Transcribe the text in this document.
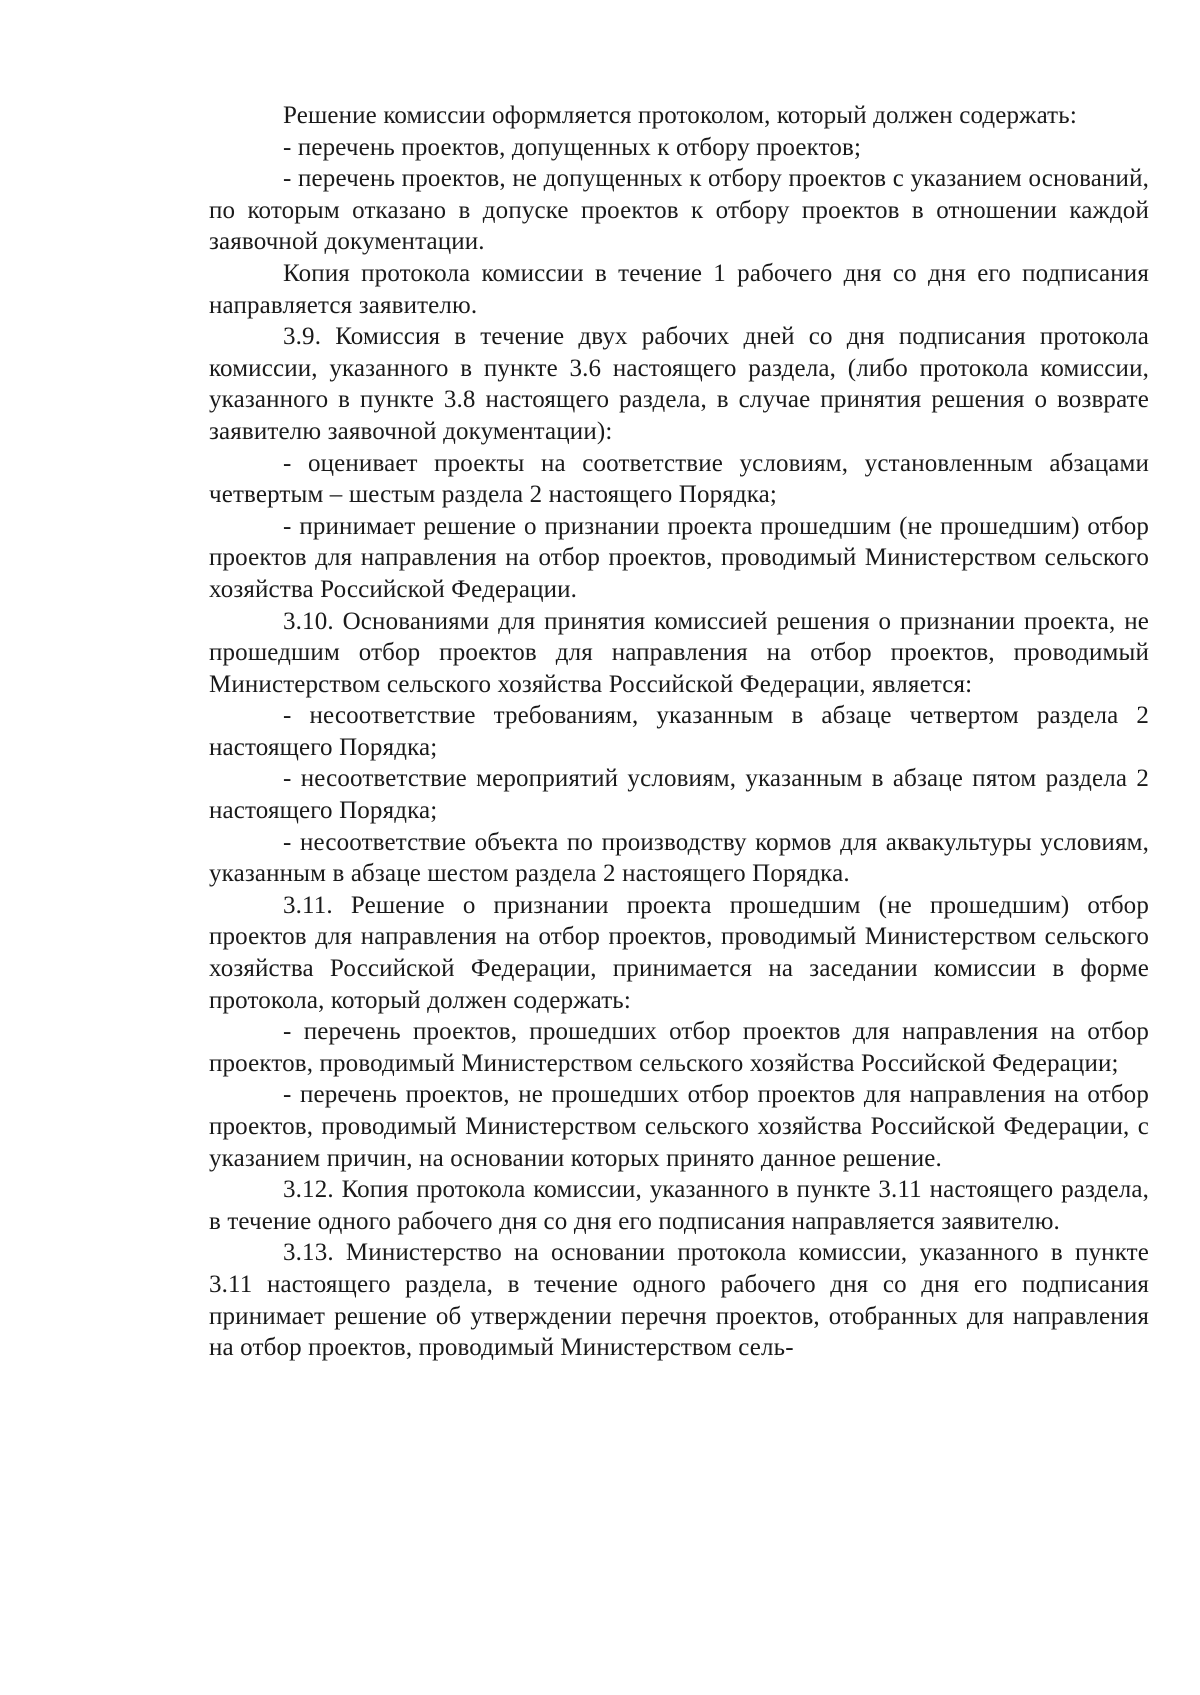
Решение комиссии оформляется протоколом, который должен содержать:

- перечень проектов, допущенных к отбору проектов;

- перечень проектов, не допущенных к отбору проектов с указанием оснований, по которым отказано в допуске проектов к отбору проектов в отношении каждой заявочной документации.

Копия протокола комиссии в течение 1 рабочего дня со дня его подписания направляется заявителю.

3.9. Комиссия в течение двух рабочих дней со дня подписания протокола комиссии, указанного в пункте 3.6 настоящего раздела, (либо протокола комиссии, указанного в пункте 3.8 настоящего раздела, в случае принятия решения о возврате заявителю заявочной документации):

- оценивает проекты на соответствие условиям, установленным абзацами четвертым – шестым раздела 2 настоящего Порядка;

- принимает решение о признании проекта прошедшим (не прошедшим) отбор проектов для направления на отбор проектов, проводимый Министерством сельского хозяйства Российской Федерации.

3.10. Основаниями для принятия комиссией решения о признании проекта, не прошедшим отбор проектов для направления на отбор проектов, проводимый Министерством сельского хозяйства Российской Федерации, является:

- несоответствие требованиям, указанным в абзаце четвертом раздела 2 настоящего Порядка;

- несоответствие мероприятий условиям, указанным в абзаце пятом раздела 2 настоящего Порядка;

- несоответствие объекта по производству кормов для аквакультуры условиям, указанным в абзаце шестом раздела 2 настоящего Порядка.

3.11. Решение о признании проекта прошедшим (не прошедшим) отбор проектов для направления на отбор проектов, проводимый Министерством сельского хозяйства Российской Федерации, принимается на заседании комиссии в форме протокола, который должен содержать:

- перечень проектов, прошедших отбор проектов для направления на отбор проектов, проводимый Министерством сельского хозяйства Российской Федерации;

- перечень проектов, не прошедших отбор проектов для направления на отбор проектов, проводимый Министерством сельского хозяйства Российской Федерации, с указанием причин, на основании которых принято данное решение.

3.12. Копия протокола комиссии, указанного в пункте 3.11 настоящего раздела, в течение одного рабочего дня со дня его подписания направляется заявителю.

3.13. Министерство на основании протокола комиссии, указанного в пункте 3.11 настоящего раздела, в течение одного рабочего дня со дня его подписания принимает решение об утверждении перечня проектов, отобранных для направления на отбор проектов, проводимый Министерством сель-
